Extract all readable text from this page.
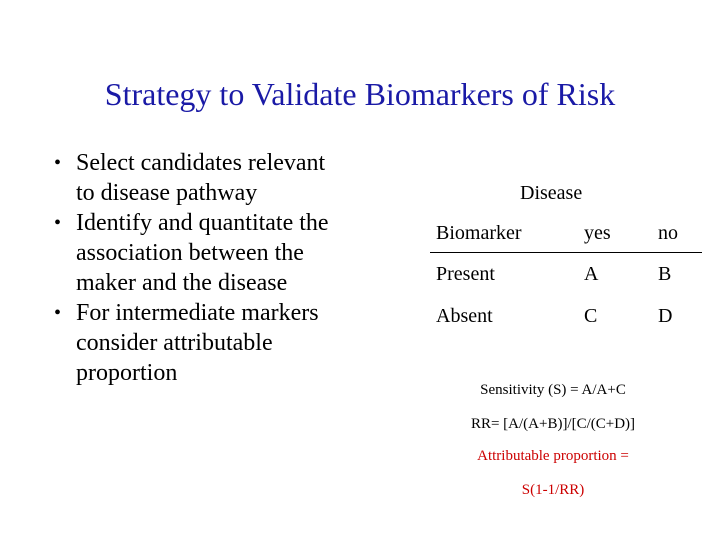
Strategy to Validate Biomarkers of Risk
• Select candidates relevant to disease pathway
• Identify and quantitate the association between the maker and the disease
• For intermediate markers consider attributable proportion
Disease
Biomarker	yes	no
Present	A	B
Absent	C	D
Sensitivity (S) = A/A+C
RR= [A/(A+B)]/[C/(C+D)]
Attributable proportion =
S(1-1/RR)
